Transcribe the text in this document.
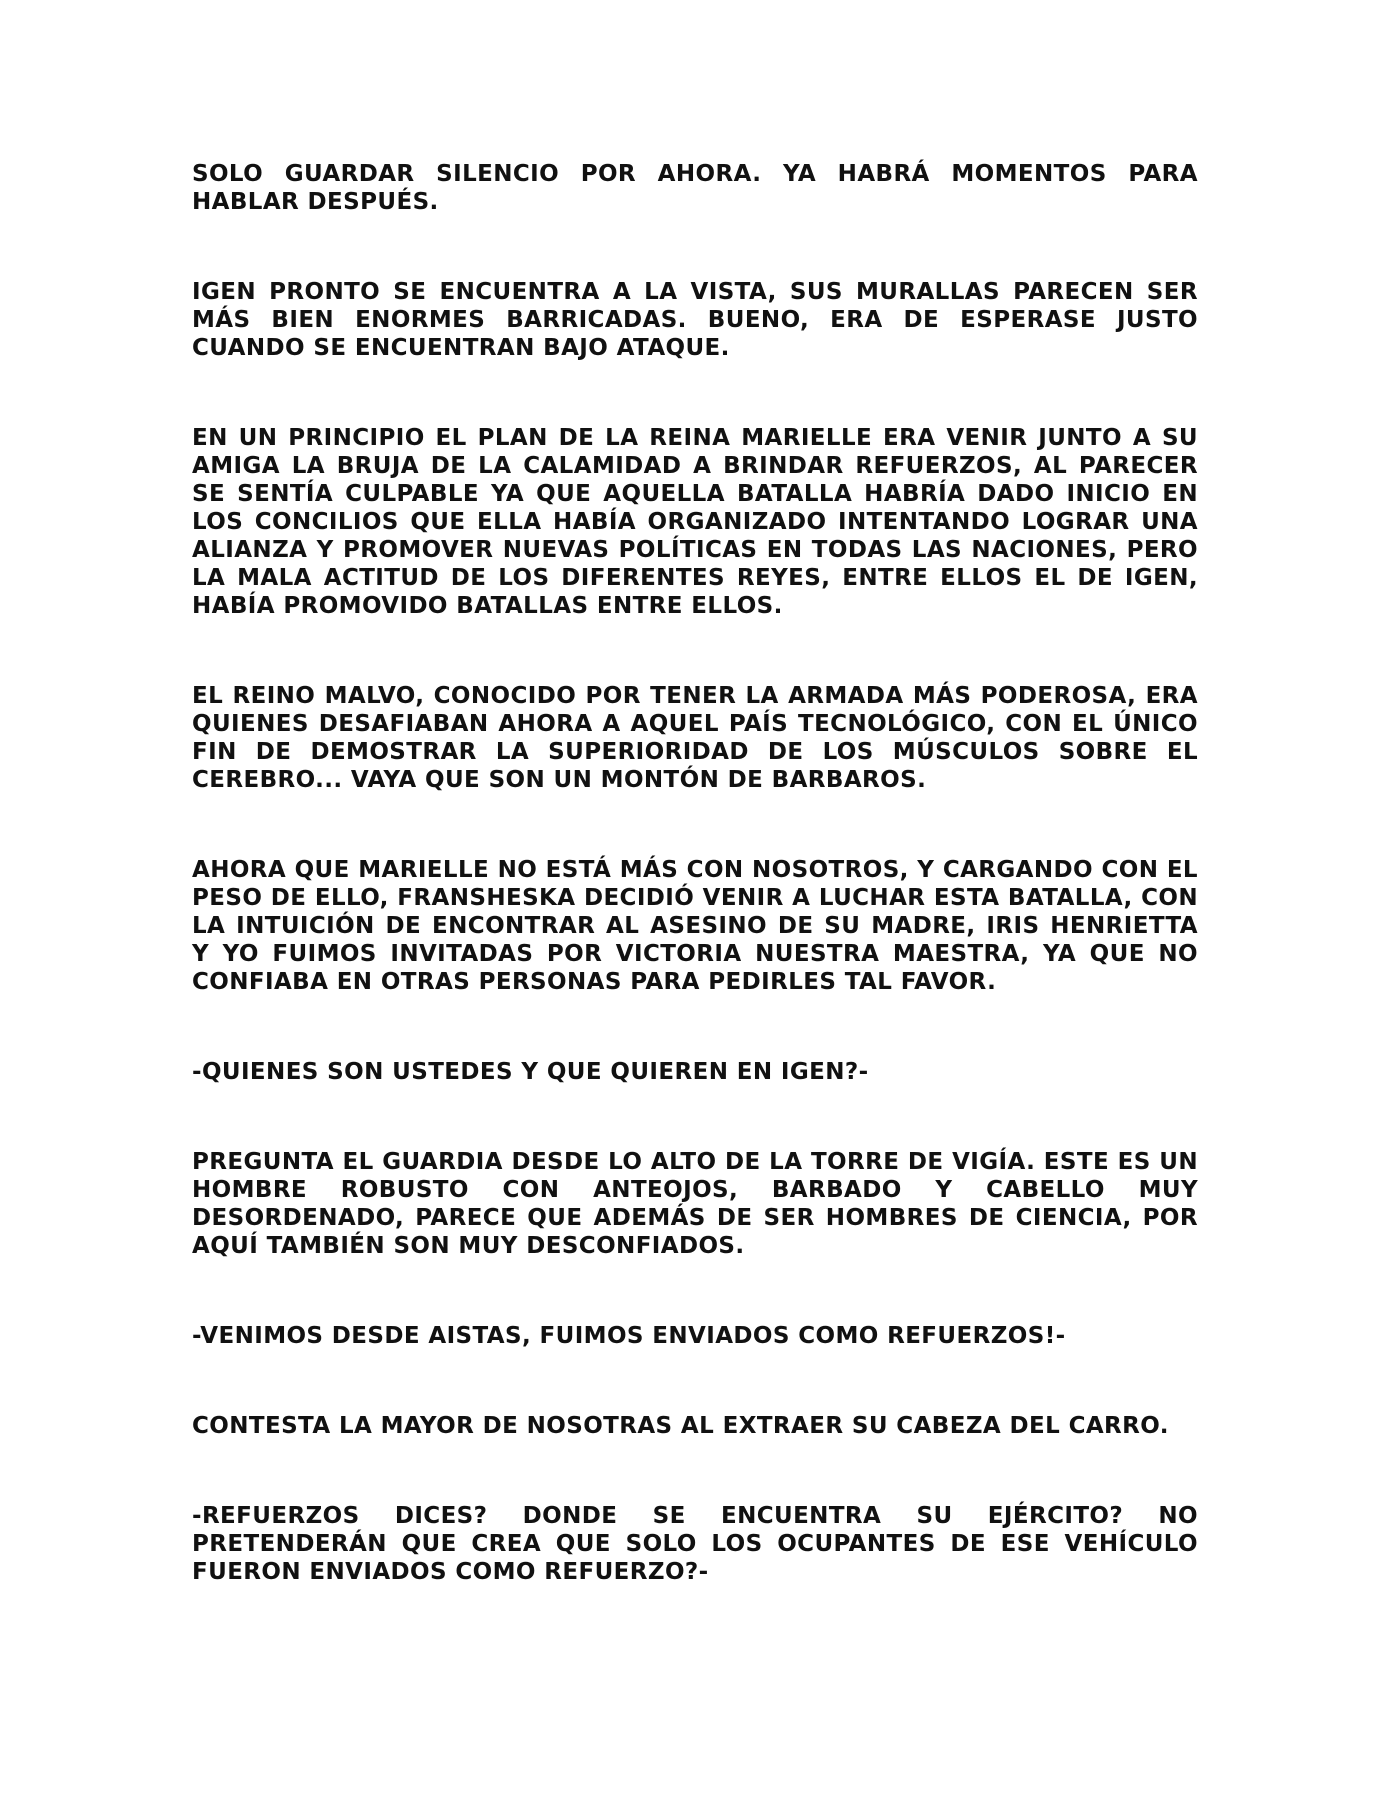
SOLO GUARDAR SILENCIO POR AHORA. YA HABRÁ MOMENTOS PARA HABLAR DESPUÉS.

IGEN PRONTO SE ENCUENTRA A LA VISTA, SUS MURALLAS PARECEN SER MÁS BIEN ENORMES BARRICADAS. BUENO, ERA DE ESPERASE JUSTO CUANDO SE ENCUENTRAN BAJO ATAQUE.

EN UN PRINCIPIO EL PLAN DE LA REINA MARIELLE ERA VENIR JUNTO A SU AMIGA LA BRUJA DE LA CALAMIDAD A BRINDAR REFUERZOS, AL PARECER SE SENTÍA CULPABLE YA QUE AQUELLA BATALLA HABRÍA DADO INICIO EN LOS CONCILIOS QUE ELLA HABÍA ORGANIZADO INTENTANDO LOGRAR UNA ALIANZA Y PROMOVER NUEVAS POLÍTICAS EN TODAS LAS NACIONES, PERO LA MALA ACTITUD DE LOS DIFERENTES REYES, ENTRE ELLOS EL DE IGEN, HABÍA PROMOVIDO BATALLAS ENTRE ELLOS.

EL REINO MALVO, CONOCIDO POR TENER LA ARMADA MÁS PODEROSA, ERA QUIENES DESAFIABAN AHORA A AQUEL PAÍS TECNOLÓGICO, CON EL ÚNICO FIN DE DEMOSTRAR LA SUPERIORIDAD DE LOS MÚSCULOS SOBRE EL CEREBRO... VAYA QUE SON UN MONTÓN DE BARBAROS.

AHORA QUE MARIELLE NO ESTÁ MÁS CON NOSOTROS, Y CARGANDO CON EL PESO DE ELLO, FRANSHESKA DECIDIÓ VENIR A LUCHAR ESTA BATALLA, CON LA INTUICIÓN DE ENCONTRAR AL ASESINO DE SU MADRE, IRIS HENRIETTA Y YO FUIMOS INVITADAS POR VICTORIA NUESTRA MAESTRA, YA QUE NO CONFIABA EN OTRAS PERSONAS PARA PEDIRLES TAL FAVOR.

-QUIENES SON USTEDES Y QUE QUIEREN EN IGEN?-

PREGUNTA EL GUARDIA DESDE LO ALTO DE LA TORRE DE VIGÍA. ESTE ES UN HOMBRE ROBUSTO CON ANTEOJOS, BARBADO Y CABELLO MUY DESORDENADO, PARECE QUE ADEMÁS DE SER HOMBRES DE CIENCIA, POR AQUÍ TAMBIÉN SON MUY DESCONFIADOS.

-VENIMOS DESDE AISTAS, FUIMOS ENVIADOS COMO REFUERZOS!-

CONTESTA LA MAYOR DE NOSOTRAS AL EXTRAER SU CABEZA DEL CARRO.

-REFUERZOS DICES? DONDE SE ENCUENTRA SU EJÉRCITO? NO PRETENDERÁN QUE CREA QUE SOLO LOS OCUPANTES DE ESE VEHÍCULO FUERON ENVIADOS COMO REFUERZO?-
